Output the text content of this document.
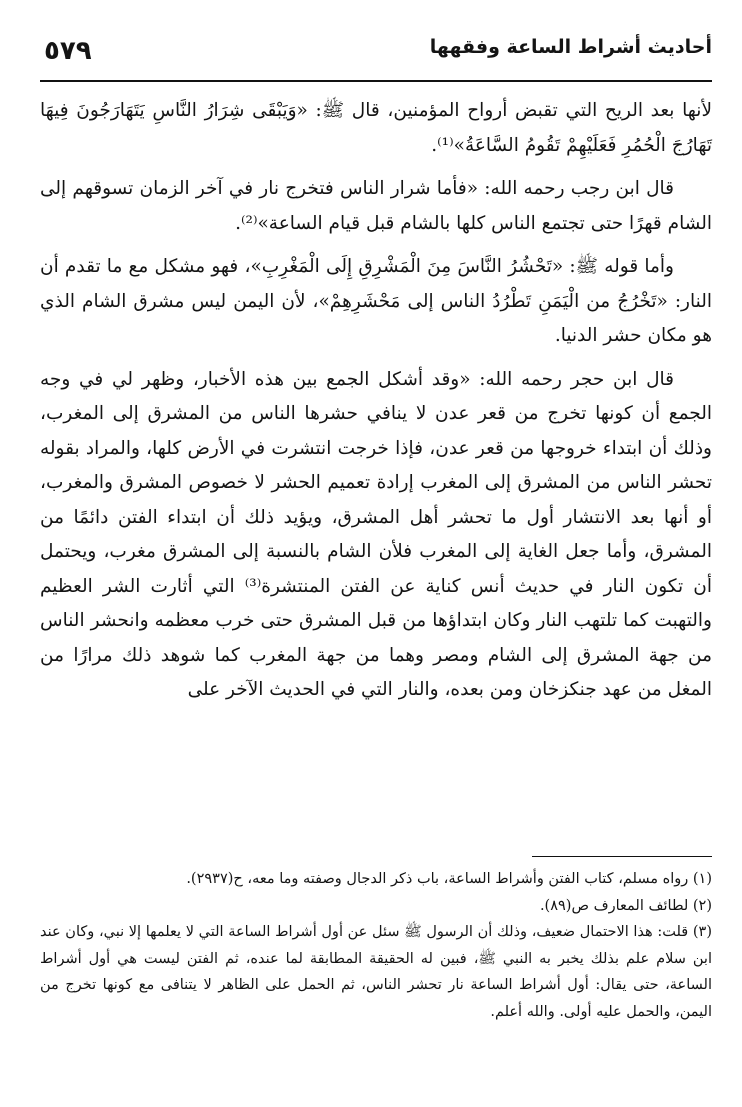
٥٧٩	أحاديث أشراط الساعة وفقهها

لأنها بعد الريح التي تقبض أرواح المؤمنين، قال ﷺ: «وَيَبْقَى شِرَارُ النَّاسِ يَتَهَارَجُونَ فِيهَا تَهَارُجَ الْحُمُرِ فَعَلَيْهِمْ تَقُومُ السَّاعَةُ»⁽¹⁾.

قال ابن رجب رحمه الله: «فأما شرار الناس فتخرج نار في آخر الزمان تسوقهم إلى الشام قهرًا حتى تجتمع الناس كلها بالشام قبل قيام الساعة»⁽²⁾.

وأما قوله ﷺ: «تَحْشُرُ النَّاسَ مِنَ الْمَشْرِقِ إِلَى الْمَغْرِبِ»، فهو مشكل مع ما تقدم أن النار: «تَخْرُجُ من الْيَمَنِ تَطْرُدُ الناس إلى مَحْشَرِهِمْ»، لأن اليمن ليس مشرق الشام الذي هو مكان حشر الدنيا.

قال ابن حجر رحمه الله: «وقد أشكل الجمع بين هذه الأخبار، وظهر لي في وجه الجمع أن كونها تخرج من قعر عدن لا ينافي حشرها الناس من المشرق إلى المغرب، وذلك أن ابتداء خروجها من قعر عدن، فإذا خرجت انتشرت في الأرض كلها، والمراد بقوله تحشر الناس من المشرق إلى المغرب إرادة تعميم الحشر لا خصوص المشرق والمغرب، أو أنها بعد الانتشار أول ما تحشر أهل المشرق، ويؤيد ذلك أن ابتداء الفتن دائمًا من المشرق، وأما جعل الغاية إلى المغرب فلأن الشام بالنسبة إلى المشرق مغرب، ويحتمل أن تكون النار في حديث أنس كناية عن الفتن المنتشرة⁽³⁾ التي أثارت الشر العظيم والتهبت كما تلتهب النار وكان ابتداؤها من قبل المشرق حتى خرب معظمه وانحشر الناس من جهة المشرق إلى الشام ومصر وهما من جهة المغرب كما شوهد ذلك مرارًا من المغل من عهد جنكزخان ومن بعده، والنار التي في الحديث الآخر على

(١) رواه مسلم، كتاب الفتن وأشراط الساعة، باب ذكر الدجال وصفته وما معه، ح(٢٩٣٧).

(٢) لطائف المعارف ص(٨٩).

(٣) قلت: هذا الاحتمال ضعيف، وذلك أن الرسول ﷺ سئل عن أول أشراط الساعة التي لا يعلمها إلا نبي، وكان عند ابن سلام علم بذلك يخبر به النبي ﷺ، فبين له الحقيقة المطابقة لما عنده، ثم الفتن ليست هي أول أشراط الساعة، حتى يقال: أول أشراط الساعة نار تحشر الناس، ثم الحمل على الظاهر لا يتنافى مع كونها تخرج من اليمن، والحمل عليه أولى. والله أعلم.
